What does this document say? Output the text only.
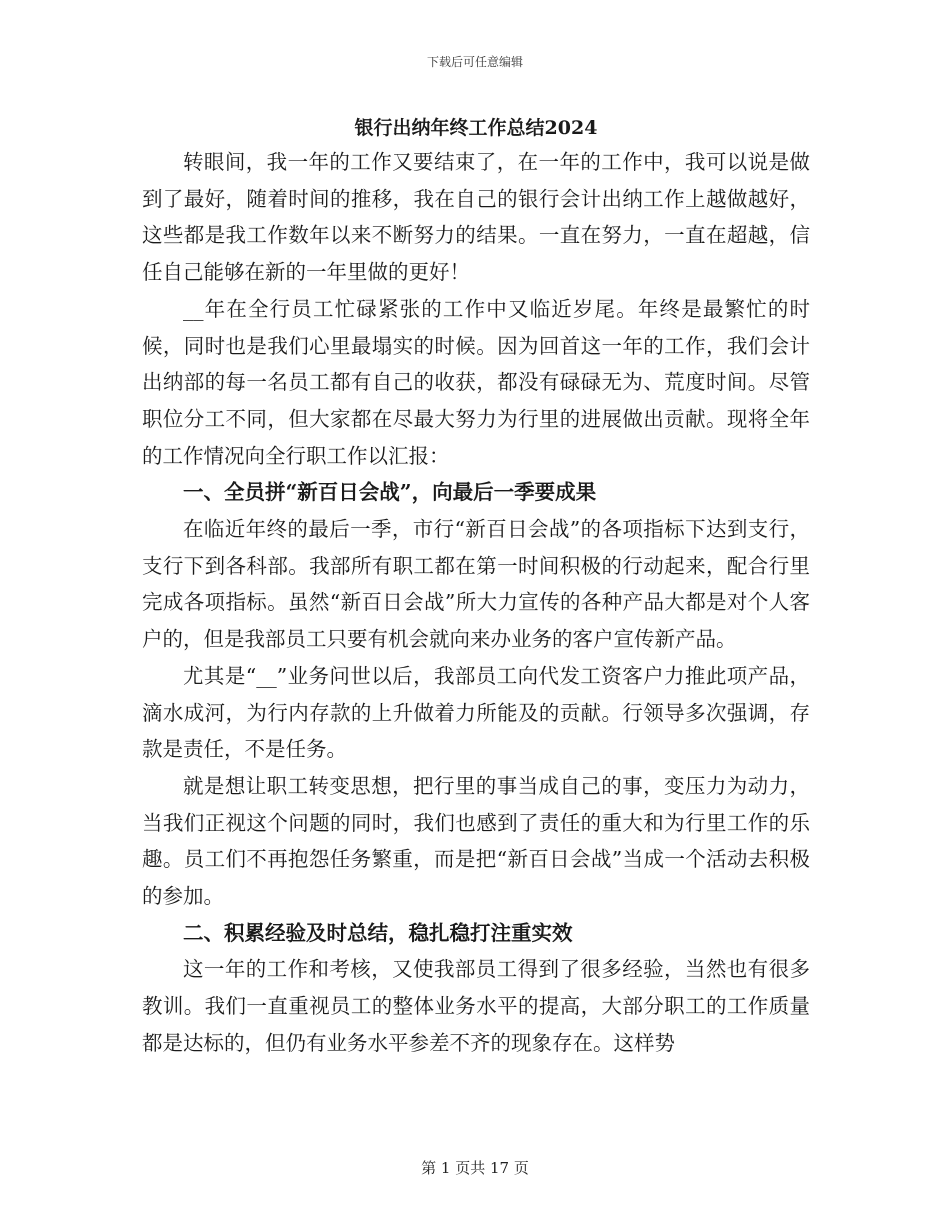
下载后可任意编辑
银行出纳年终工作总结2024

转眼间，我一年的工作又要结束了，在一年的工作中，我可以说是做到了最好，随着时间的推移，我在自己的银行会计出纳工作上越做越好，这些都是我工作数年以来不断努力的结果。一直在努力，一直在超越，信任自己能够在新的一年里做的更好！

__年在全行员工忙碌紧张的工作中又临近岁尾。年终是最繁忙的时候，同时也是我们心里最塌实的时候。因为回首这一年的工作，我们会计出纳部的每一名员工都有自己的收获，都没有碌碌无为、荒度时间。尽管职位分工不同，但大家都在尽最大努力为行里的进展做出贡献。现将全年的工作情况向全行职工作以汇报：

一、全员拼“新百日会战”，向最后一季要成果

在临近年终的最后一季，市行“新百日会战”的各项指标下达到支行，支行下到各科部。我部所有职工都在第一时间积极的行动起来，配合行里完成各项指标。虽然“新百日会战”所大力宣传的各种产品大都是对个人客户的，但是我部员工只要有机会就向来办业务的客户宣传新产品。

尤其是“__”业务问世以后，我部员工向代发工资客户力推此项产品，滴水成河，为行内存款的上升做着力所能及的贡献。行领导多次强调，存款是责任，不是任务。

就是想让职工转变思想，把行里的事当成自己的事，变压力为动力，当我们正视这个问题的同时，我们也感到了责任的重大和为行里工作的乐趣。员工们不再抱怨任务繁重，而是把“新百日会战”当成一个活动去积极的参加。

二、积累经验及时总结，稳扎稳打注重实效

这一年的工作和考核，又使我部员工得到了很多经验，当然也有很多教训。我们一直重视员工的整体业务水平的提高，大部分职工的工作质量都是达标的，但仍有业务水平参差不齐的现象存在。这样势

第 1 页共 17 页
